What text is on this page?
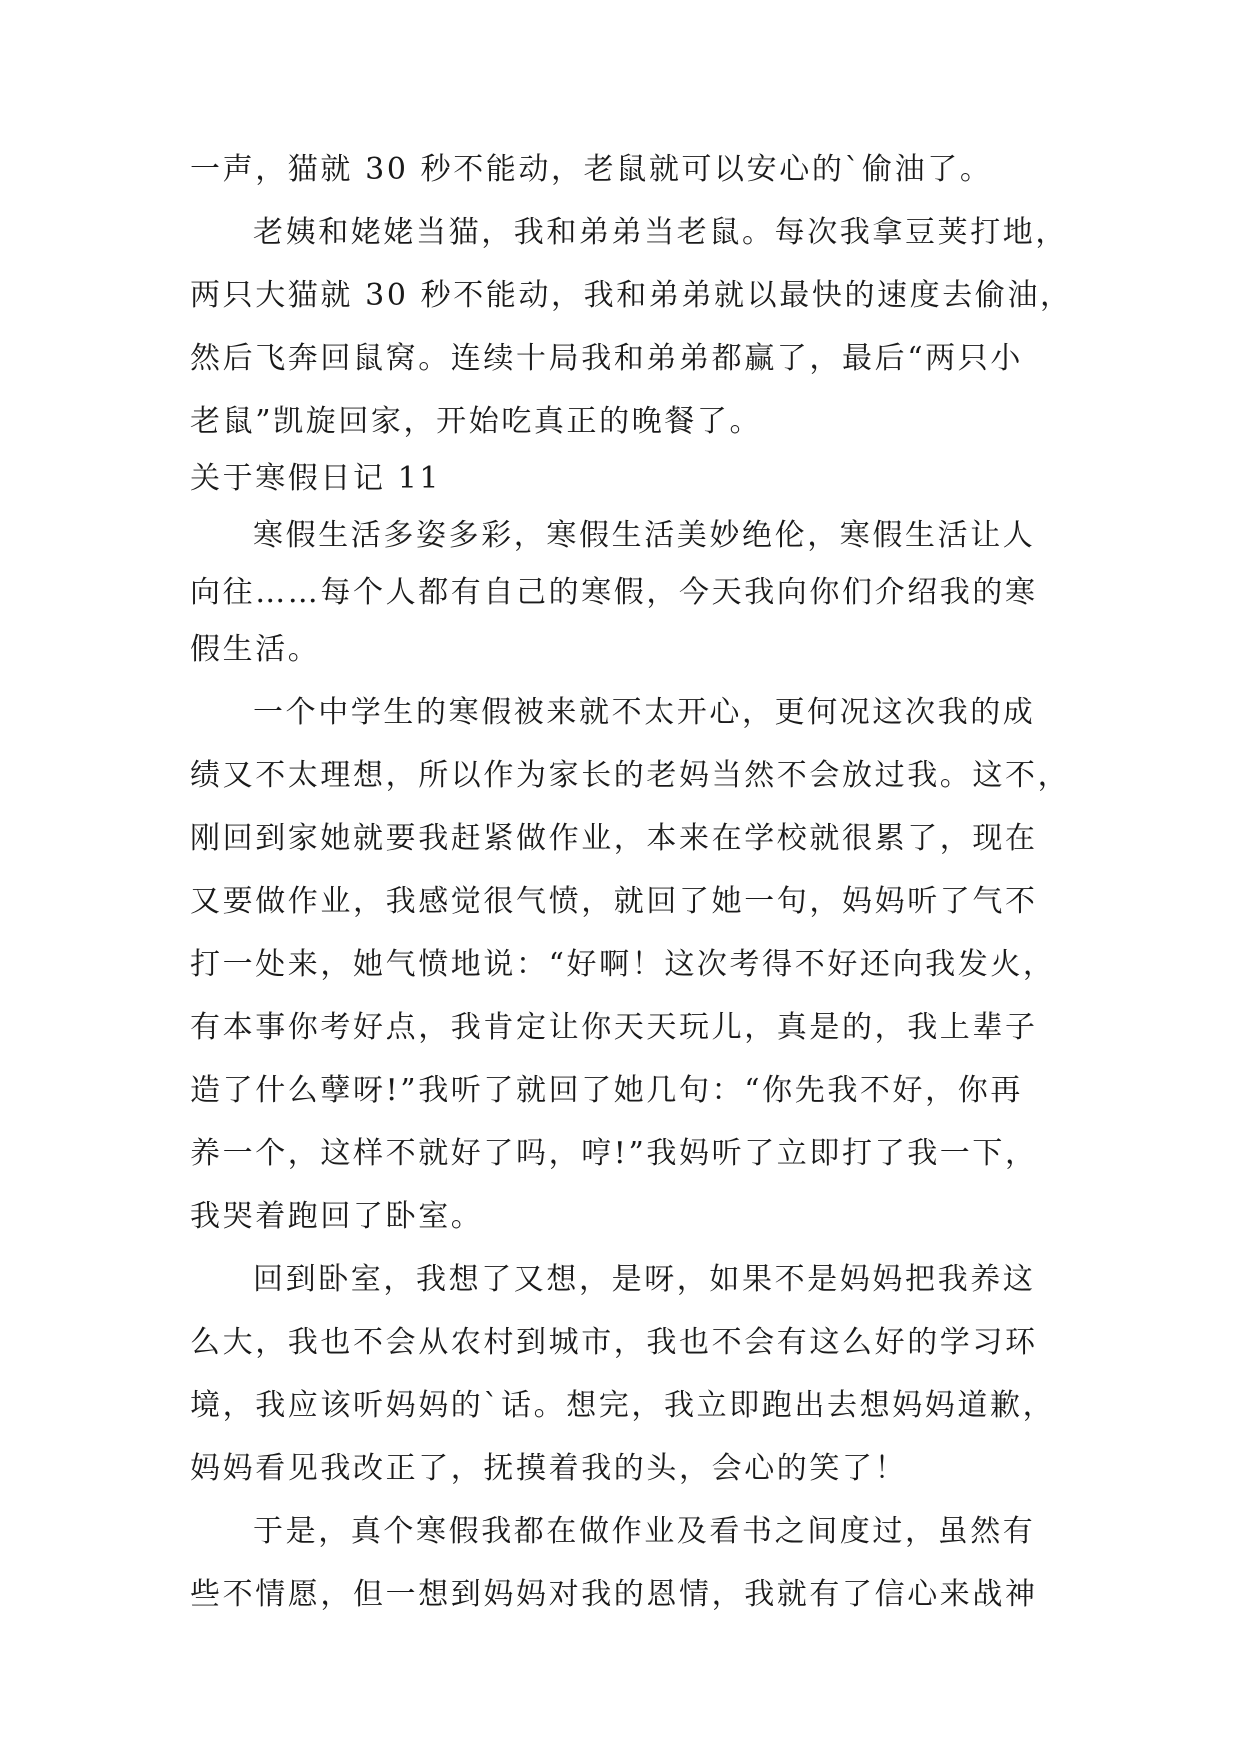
一声，猫就 30 秒不能动，老鼠就可以安心的`偷油了。
老姨和姥姥当猫，我和弟弟当老鼠。每次我拿豆荚打地，
两只大猫就 30 秒不能动，我和弟弟就以最快的速度去偷油，
然后飞奔回鼠窝。连续十局我和弟弟都赢了，最后“两只小
老鼠”凯旋回家，开始吃真正的晚餐了。
关于寒假日记 11
寒假生活多姿多彩，寒假生活美妙绝伦，寒假生活让人
向往……每个人都有自己的寒假，今天我向你们介绍我的寒
假生活。
一个中学生的寒假被来就不太开心，更何况这次我的成
绩又不太理想，所以作为家长的老妈当然不会放过我。这不，
刚回到家她就要我赶紧做作业，本来在学校就很累了，现在
又要做作业，我感觉很气愤，就回了她一句，妈妈听了气不
打一处来，她气愤地说：“好啊！这次考得不好还向我发火，
有本事你考好点，我肯定让你天天玩儿，真是的，我上辈子
造了什么孽呀!”我听了就回了她几句：“你先我不好，你再
养一个，这样不就好了吗，哼!”我妈听了立即打了我一下，
我哭着跑回了卧室。
回到卧室，我想了又想，是呀，如果不是妈妈把我养这
么大，我也不会从农村到城市，我也不会有这么好的学习环
境，我应该听妈妈的`话。想完，我立即跑出去想妈妈道歉，
妈妈看见我改正了，抚摸着我的头，会心的笑了！
于是，真个寒假我都在做作业及看书之间度过，虽然有
些不情愿，但一想到妈妈对我的恩情，我就有了信心来战神
